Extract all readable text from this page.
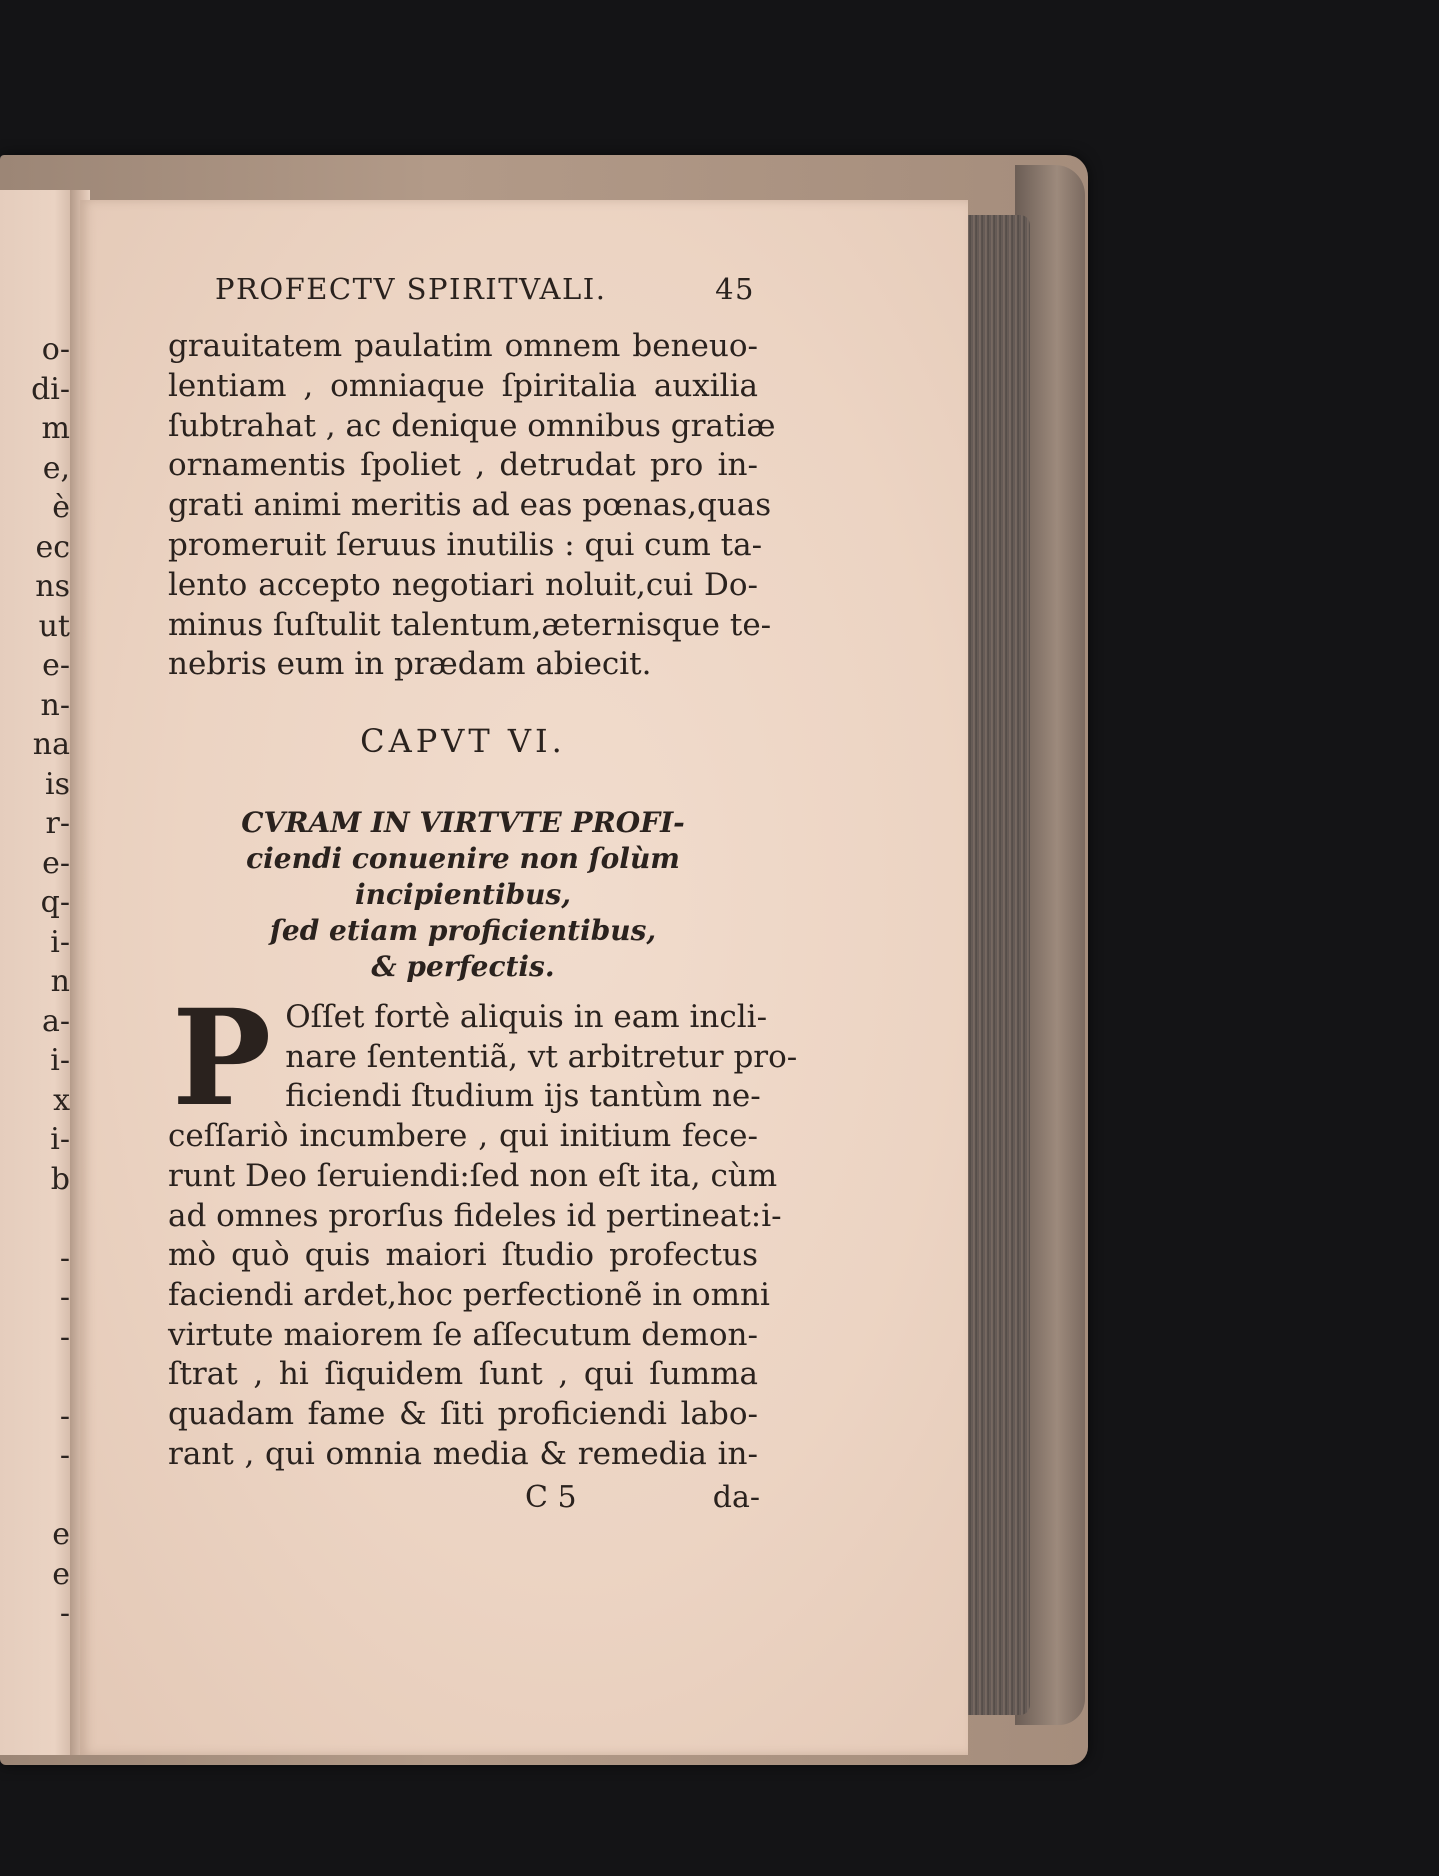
o-
di-
m
e,
è
ec
ns
ut
e-
n-
na
is
r-
e-
q-
i-
n
a-
i-
x
i-
b
-
-
-
-
-
e
e
-
PROFECTV SPIRITVALI.	45
grauitatem paulatim omnem beneuo-
lentiam , omniaque ſpiritalia auxilia
ſubtrahat , ac denique omnibus gratiæ
ornamentis ſpoliet , detrudat pro in-
grati animi meritis ad eas pœnas,quas
promeruit ſeruus inutilis : qui cum ta-
lento accepto negotiari noluit,cui Do-
minus ſuſtulit talentum,æternisque te-
nebris eum in prædam abiecit.
CAPVT VI.
CVRAM IN VIRTVTE PROFI-
ciendi conuenire non ſolùm incipientibus,
ſed etiam proficientibus,
& perfectis.
P Oſſet fortè aliquis in eam incli-
nare ſententiã, vt arbitretur pro-
ficiendi ſtudium ijs tantùm ne-
ceſſariò incumbere , qui initium fece-
runt Deo ſeruiendi:ſed non eſt ita, cùm
ad omnes prorſus fideles id pertineat:i-
mò quò quis maiori ſtudio profectus
faciendi ardet,hoc perfectionẽ in omni
virtute maiorem ſe aſſecutum demon-
ſtrat , hi ſiquidem ſunt , qui ſumma
quadam fame & ſiti proficiendi labo-
rant , qui omnia media & remedia in-
C 5	da-
